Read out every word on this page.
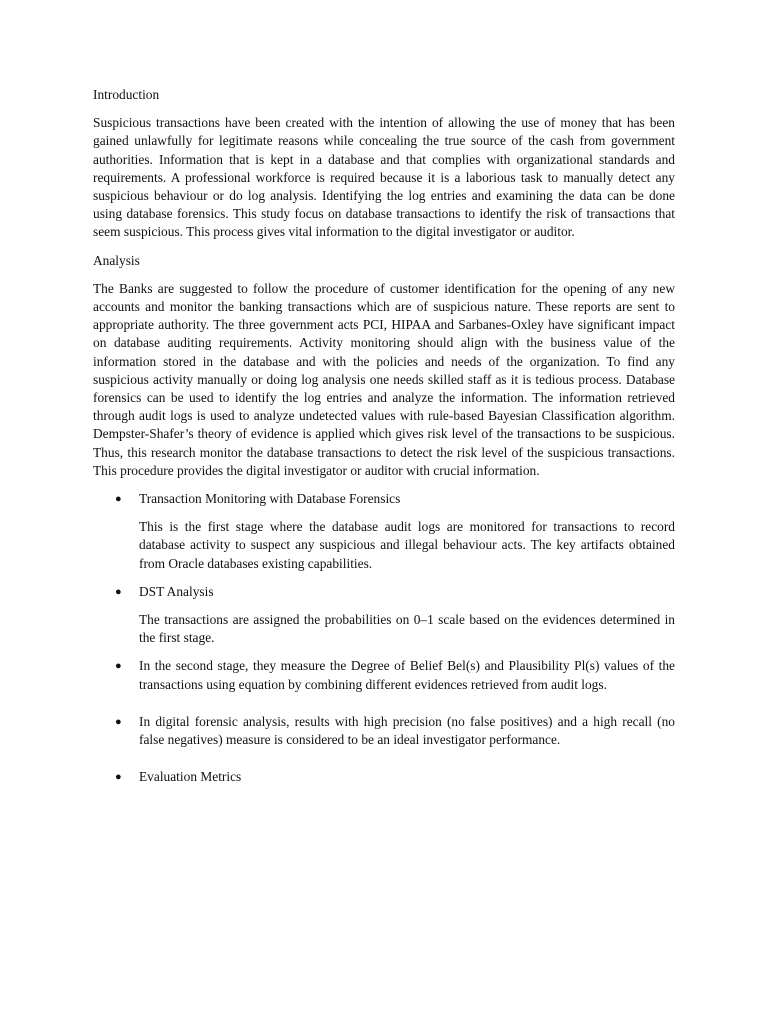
Introduction

Suspicious transactions have been created with the intention of allowing the use of money that has been gained unlawfully for legitimate reasons while concealing the true source of the cash from government authorities. Information that is kept in a database and that complies with organizational standards and requirements. A professional workforce is required because it is a laborious task to manually detect any suspicious behaviour or do log analysis. Identifying the log entries and examining the data can be done using database forensics. This study focus on database transactions to identify the risk of transactions that seem suspicious. This process gives vital information to the digital investigator or auditor.

Analysis

The Banks are suggested to follow the procedure of customer identification for the opening of any new accounts and monitor the banking transactions which are of suspicious nature. These reports are sent to appropriate authority. The three government acts PCI, HIPAA and Sarbanes-Oxley have significant impact on database auditing requirements. Activity monitoring should align with the business value of the information stored in the database and with the policies and needs of the organization. To find any suspicious activity manually or doing log analysis one needs skilled staff as it is tedious process. Database forensics can be used to identify the log entries and analyze the information. The information retrieved through audit logs is used to analyze undetected values with rule-based Bayesian Classification algorithm. Dempster-Shafer’s theory of evidence is applied which gives risk level of the transactions to be suspicious. Thus, this research monitor the database transactions to detect the risk level of the suspicious transactions. This procedure provides the digital investigator or auditor with crucial information.

● Transaction Monitoring with Database Forensics

This is the first stage where the database audit logs are monitored for transactions to record database activity to suspect any suspicious and illegal behaviour acts. The key artifacts obtained from Oracle databases existing capabilities.

● DST Analysis

The transactions are assigned the probabilities on 0–1 scale based on the evidences determined in the first stage.

● In the second stage, they measure the Degree of Belief Bel(s) and Plausibility Pl(s) values of the transactions using equation by combining different evidences retrieved from audit logs.

● In digital forensic analysis, results with high precision (no false positives) and a high recall (no false negatives) measure is considered to be an ideal investigator performance.

● Evaluation Metrics
